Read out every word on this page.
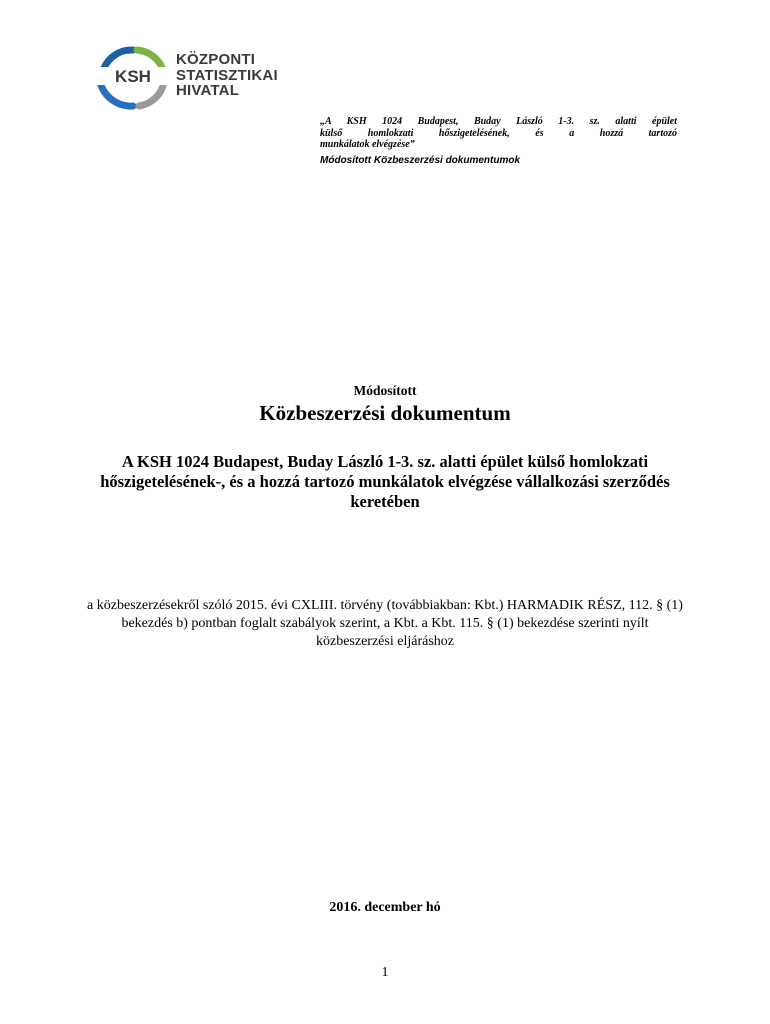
KSH
KÖZPONTI
STATISZTIKAI
HIVATAL
„A KSH 1024 Budapest, Buday László 1-3. sz. alatti épület
külső homlokzati hőszigetelésének, és a hozzá tartozó
munkálatok elvégzése”
Módosított Közbeszerzési dokumentumok
Módosított
Közbeszerzési dokumentum
A KSH 1024 Budapest, Buday László 1-3. sz. alatti épület külső homlokzati hőszigetelésének-, és a hozzá tartozó munkálatok elvégzése vállalkozási szerződés keretében
a közbeszerzésekről szóló 2015. évi CXLIII. törvény (továbbiakban: Kbt.) HARMADIK RÉSZ, 112. § (1) bekezdés b) pontban foglalt szabályok szerint, a Kbt. a Kbt. 115. § (1) bekezdése szerinti nyílt közbeszerzési eljáráshoz
2016. december hó
1
